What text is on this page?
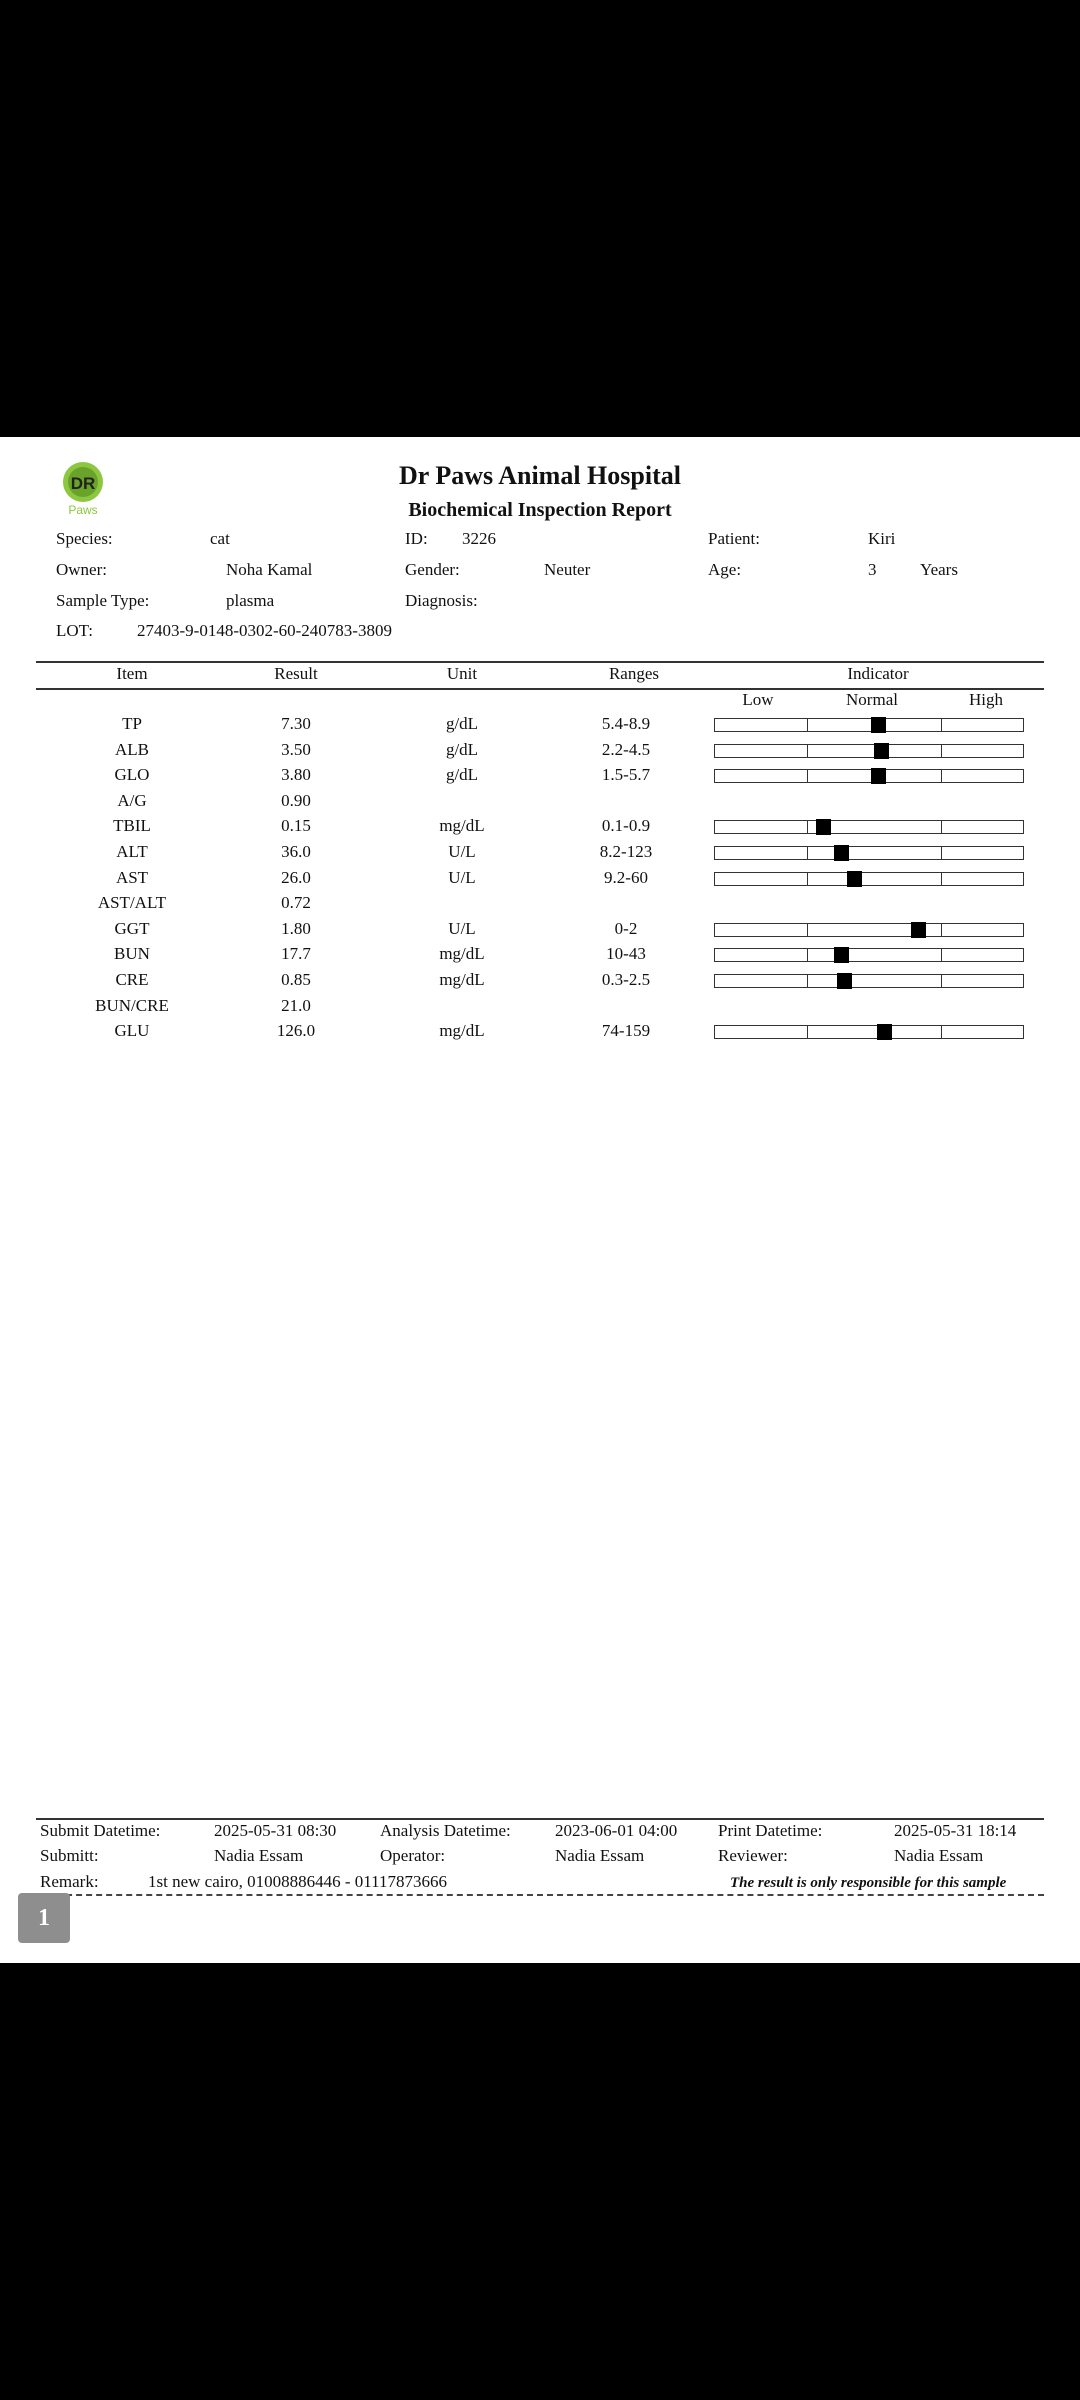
DR
Paws
Dr Paws Animal Hospital
Biochemical Inspection Report
Species:	cat	ID: 3226	Patient:	Kiri
Owner:	Noha Kamal	Gender:	Neuter	Age:	3	Years
Sample Type:	plasma	Diagnosis:
LOT:	27403-9-0148-0302-60-240783-3809
Item	Result	Unit	Ranges	Indicator
Low	Normal	High
TP	7.30	g/dL	5.4-8.9
ALB	3.50	g/dL	2.2-4.5
GLO	3.80	g/dL	1.5-5.7
A/G	0.90
TBIL	0.15	mg/dL	0.1-0.9
ALT	36.0	U/L	8.2-123
AST	26.0	U/L	9.2-60
AST/ALT	0.72
GGT	1.80	U/L	0-2
BUN	17.7	mg/dL	10-43
CRE	0.85	mg/dL	0.3-2.5
BUN/CRE	21.0
GLU	126.0	mg/dL	74-159
Submit Datetime:	2025-05-31 08:30	Analysis Datetime:	2023-06-01 04:00 Print Datetime:	2025-05-31 18:14
Submitt:	Nadia Essam	Operator:	Nadia Essam	Reviewer:	Nadia Essam
Remark:	1st new cairo, 01008886446 - 01117873666	The result is only responsible for this sample
1
